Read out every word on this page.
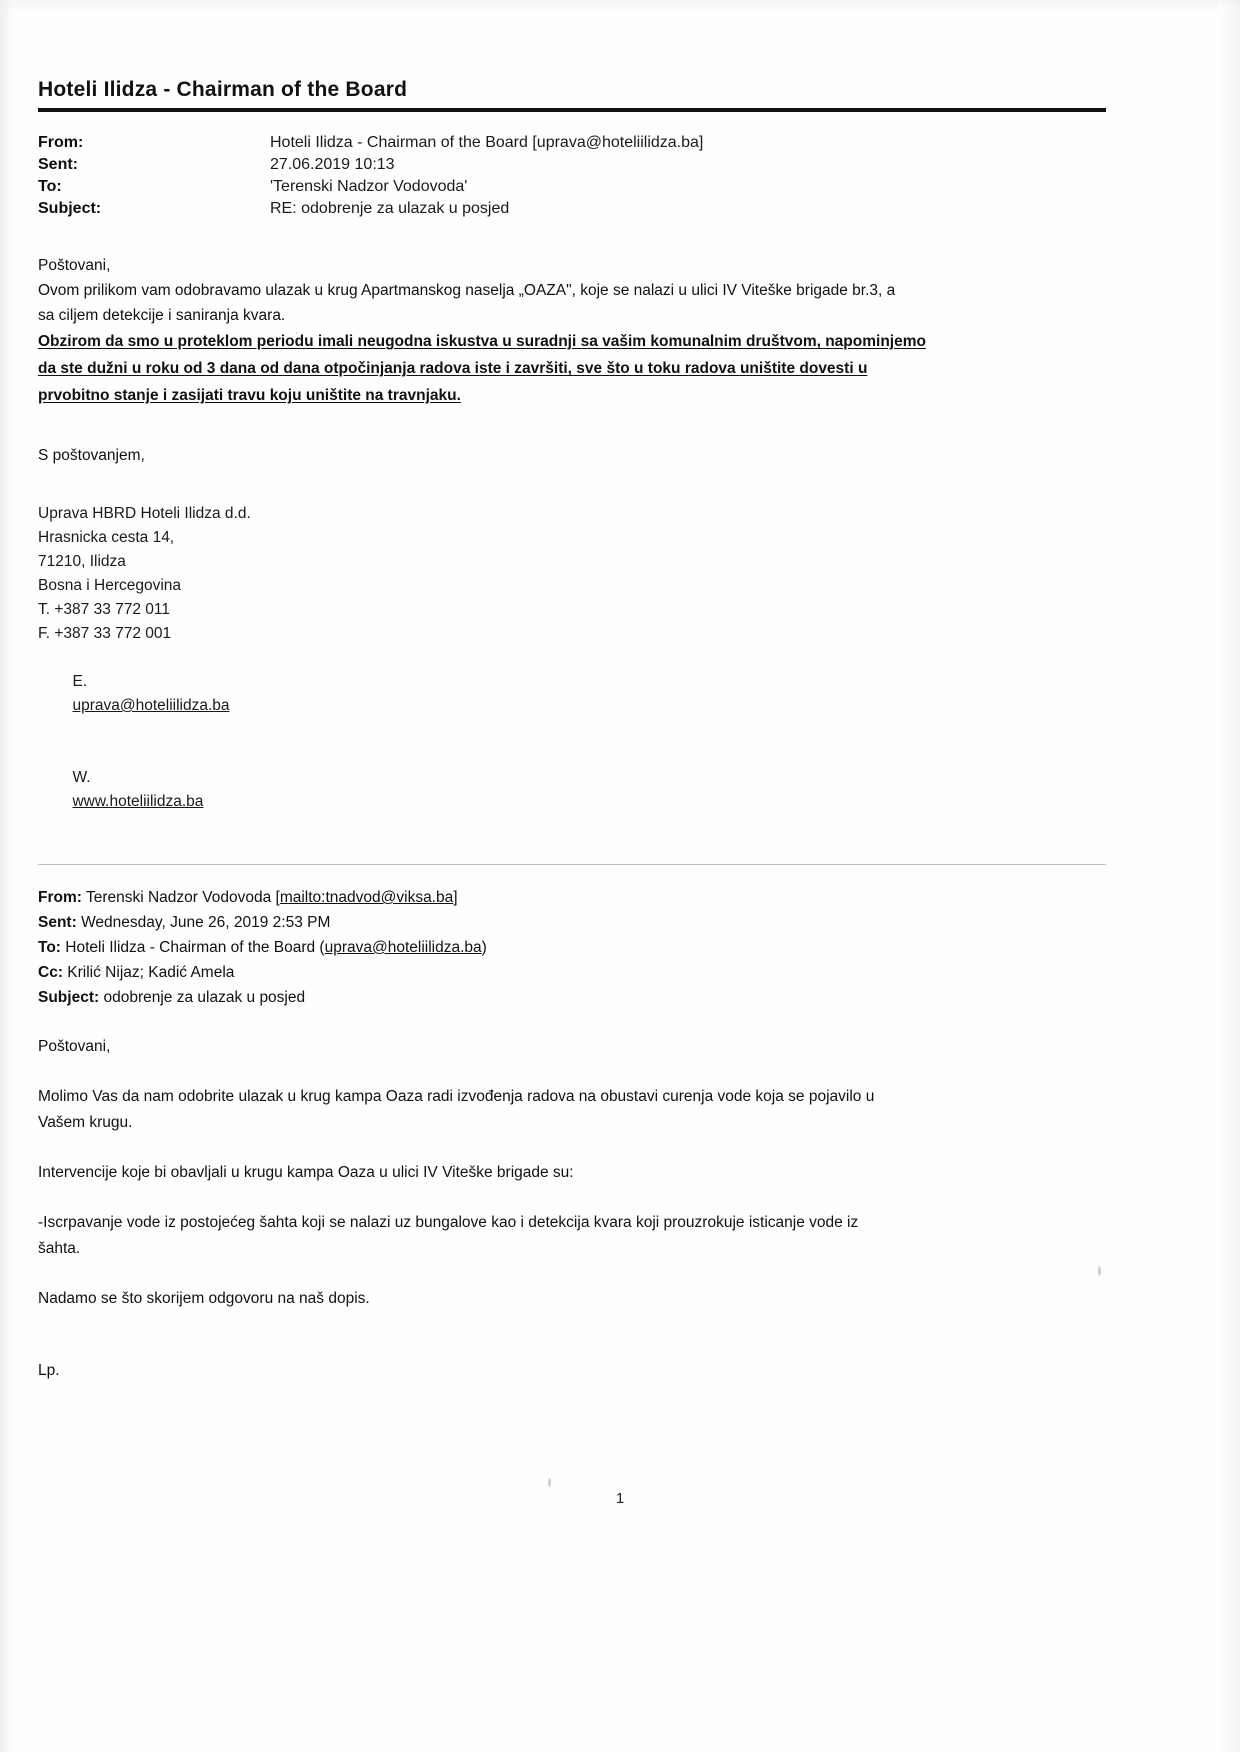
Hoteli Ilidza - Chairman of the Board
From:	Hoteli Ilidza - Chairman of the Board [uprava@hoteliilidza.ba]
Sent:	27.06.2019 10:13
To:	'Terenski Nadzor Vodovoda'
Subject:	RE: odobrenje za ulazak u posjed
Poštovani,
Ovom prilikom vam odobravamo ulazak u krug Apartmanskog naselja „OAZA", koje se nalazi u ulici IV Viteške brigade br.3, a
sa ciljem detekcije i saniranja kvara.
Obzirom da smo u proteklom periodu imali neugodna iskustva u suradnji sa vašim komunalnim društvom, napominjemo
da ste dužni u roku od 3 dana od dana otpočinjanja radova iste i završiti, sve što u toku radova uništite dovesti u
prvobitno stanje i zasijati travu koju uništite na travnjaku.
S poštovanjem,
Uprava HBRD Hoteli Ilidza d.d.
Hrasnicka cesta 14,
71210, Ilidza
Bosna i Hercegovina
T. +387 33 772 011
F. +387 33 772 001

E.
uprava@hoteliilidza.ba

W.
www.hoteliilidza.ba

From: Terenski Nadzor Vodovoda [mailto:tnadvod@viksa.ba]
Sent: Wednesday, June 26, 2019 2:53 PM
To: Hoteli Ilidza - Chairman of the Board (uprava@hoteliilidza.ba)
Cc: Krilić Nijaz; Kadić Amela
Subject: odobrenje za ulazak u posjed
Poštovani,
Molimo Vas da nam odobrite ulazak u krug kampa Oaza radi izvođenja radova na obustavi curenja vode koja se pojavilo u
Vašem krugu.
Intervencije koje bi obavljali u krugu kampa Oaza u ulici IV Viteške brigade su:
-Iscrpavanje vode iz postojećeg šahta koji se nalazi uz bungalove kao i detekcija kvara koji prouzrokuje isticanje vode iz
šahta.
Nadamo se što skorijem odgovoru na naš dopis.
Lp.
1
